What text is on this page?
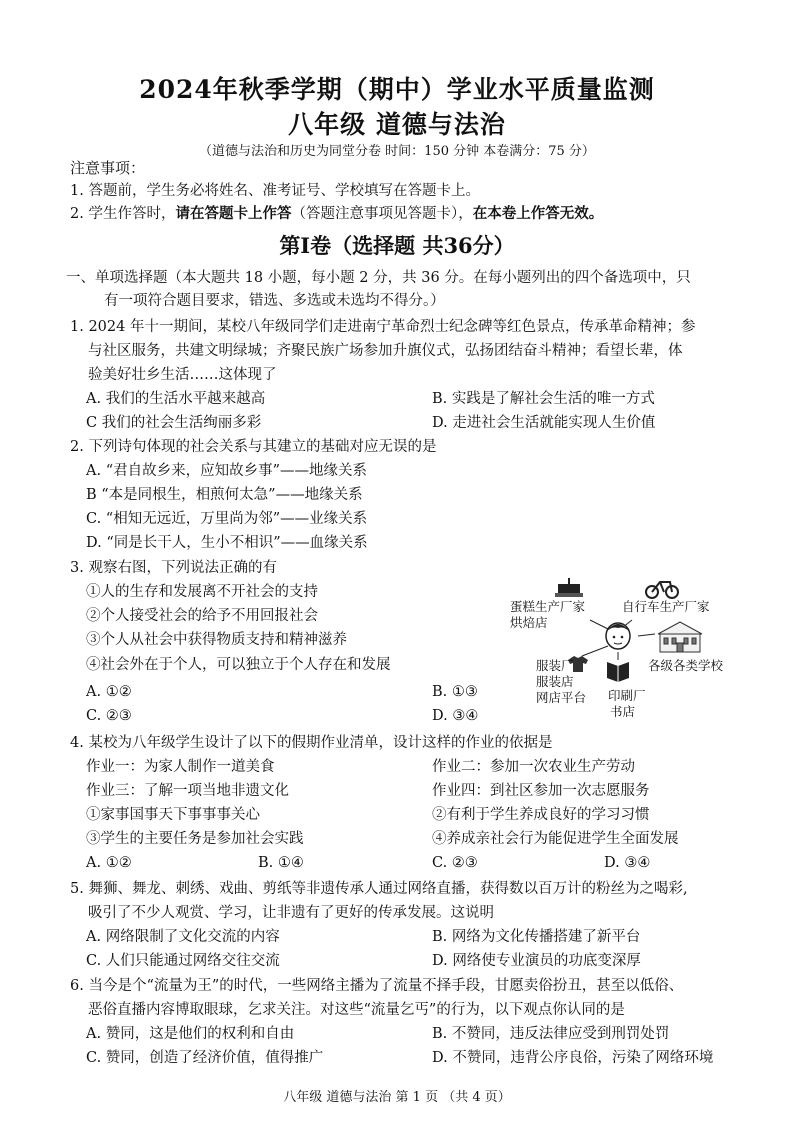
2024年秋季学期（期中）学业水平质量监测
八年级 道德与法治
（道德与法治和历史为同堂分卷 时间：150 分钟 本卷满分：75 分）
注意事项：
1. 答题前，学生务必将姓名、准考证号、学校填写在答题卡上。
2. 学生作答时，请在答题卡上作答（答题注意事项见答题卡），在本卷上作答无效。
第Ⅰ卷（选择题 共36分）
一、单项选择题（本大题共 18 小题，每小题 2 分，共 36 分。在每小题列出的四个备选项中，只
有一项符合题目要求，错选、多选或未选均不得分。）
1. 2024 年十一期间，某校八年级同学们走进南宁革命烈士纪念碑等红色景点，传承革命精神；参
与社区服务，共建文明绿城；齐聚民族广场参加升旗仪式，弘扬团结奋斗精神；看望长辈，体
验美好壮乡生活……这体现了
A. 我们的生活水平越来越高	B. 实践是了解社会生活的唯一方式
C 我们的社会生活绚丽多彩	D. 走进社会生活就能实现人生价值
2. 下列诗句体现的社会关系与其建立的基础对应无误的是
A. “君自故乡来，应知故乡事”——地缘关系
B “本是同根生，相煎何太急”——地缘关系
C. “相知无远近，万里尚为邻”——业缘关系
D. “同是长干人，生小不相识”——血缘关系
3. 观察右图，下列说法正确的有
①人的生存和发展离不开社会的支持
②个人接受社会的给予不用回报社会
③个人从社会中获得物质支持和精神滋养
④社会外在于个人，可以独立于个人存在和发展
A. ①②	B. ①③
C. ②③	D. ③④
蛋糕生产厂家
烘焙店
自行车生产厂家
各级各类学校
服装厂
服装店
网店平台 印刷厂
书店
4. 某校为八年级学生设计了以下的假期作业清单，设计这样的作业的依据是
作业一：为家人制作一道美食	作业二：参加一次农业生产劳动
作业三：了解一项当地非遗文化	作业四：到社区参加一次志愿服务
①家事国事天下事事事关心	②有利于学生养成良好的学习习惯
③学生的主要任务是参加社会实践	④养成亲社会行为能促进学生全面发展
A. ①②	B. ①④	C. ②③	D. ③④
5. 舞狮、舞龙、刺绣、戏曲、剪纸等非遗传承人通过网络直播，获得数以百万计的粉丝为之喝彩,
吸引了不少人观赏、学习，让非遗有了更好的传承发展。这说明
A. 网络限制了文化交流的内容	B. 网络为文化传播搭建了新平台
C. 人们只能通过网络交往交流	D. 网络使专业演员的功底变深厚
6. 当今是个“流量为王”的时代，一些网络主播为了流量不择手段，甘愿卖俗扮丑，甚至以低俗、
恶俗直播内容博取眼球，乞求关注。对这些“流量乞丐”的行为，以下观点你认同的是
A. 赞同，这是他们的权利和自由	B. 不赞同，违反法律应受到刑罚处罚
C. 赞同，创造了经济价值，值得推广	D. 不赞同，违背公序良俗，污染了网络环境
八年级 道德与法治 第 1 页 （共 4 页）
